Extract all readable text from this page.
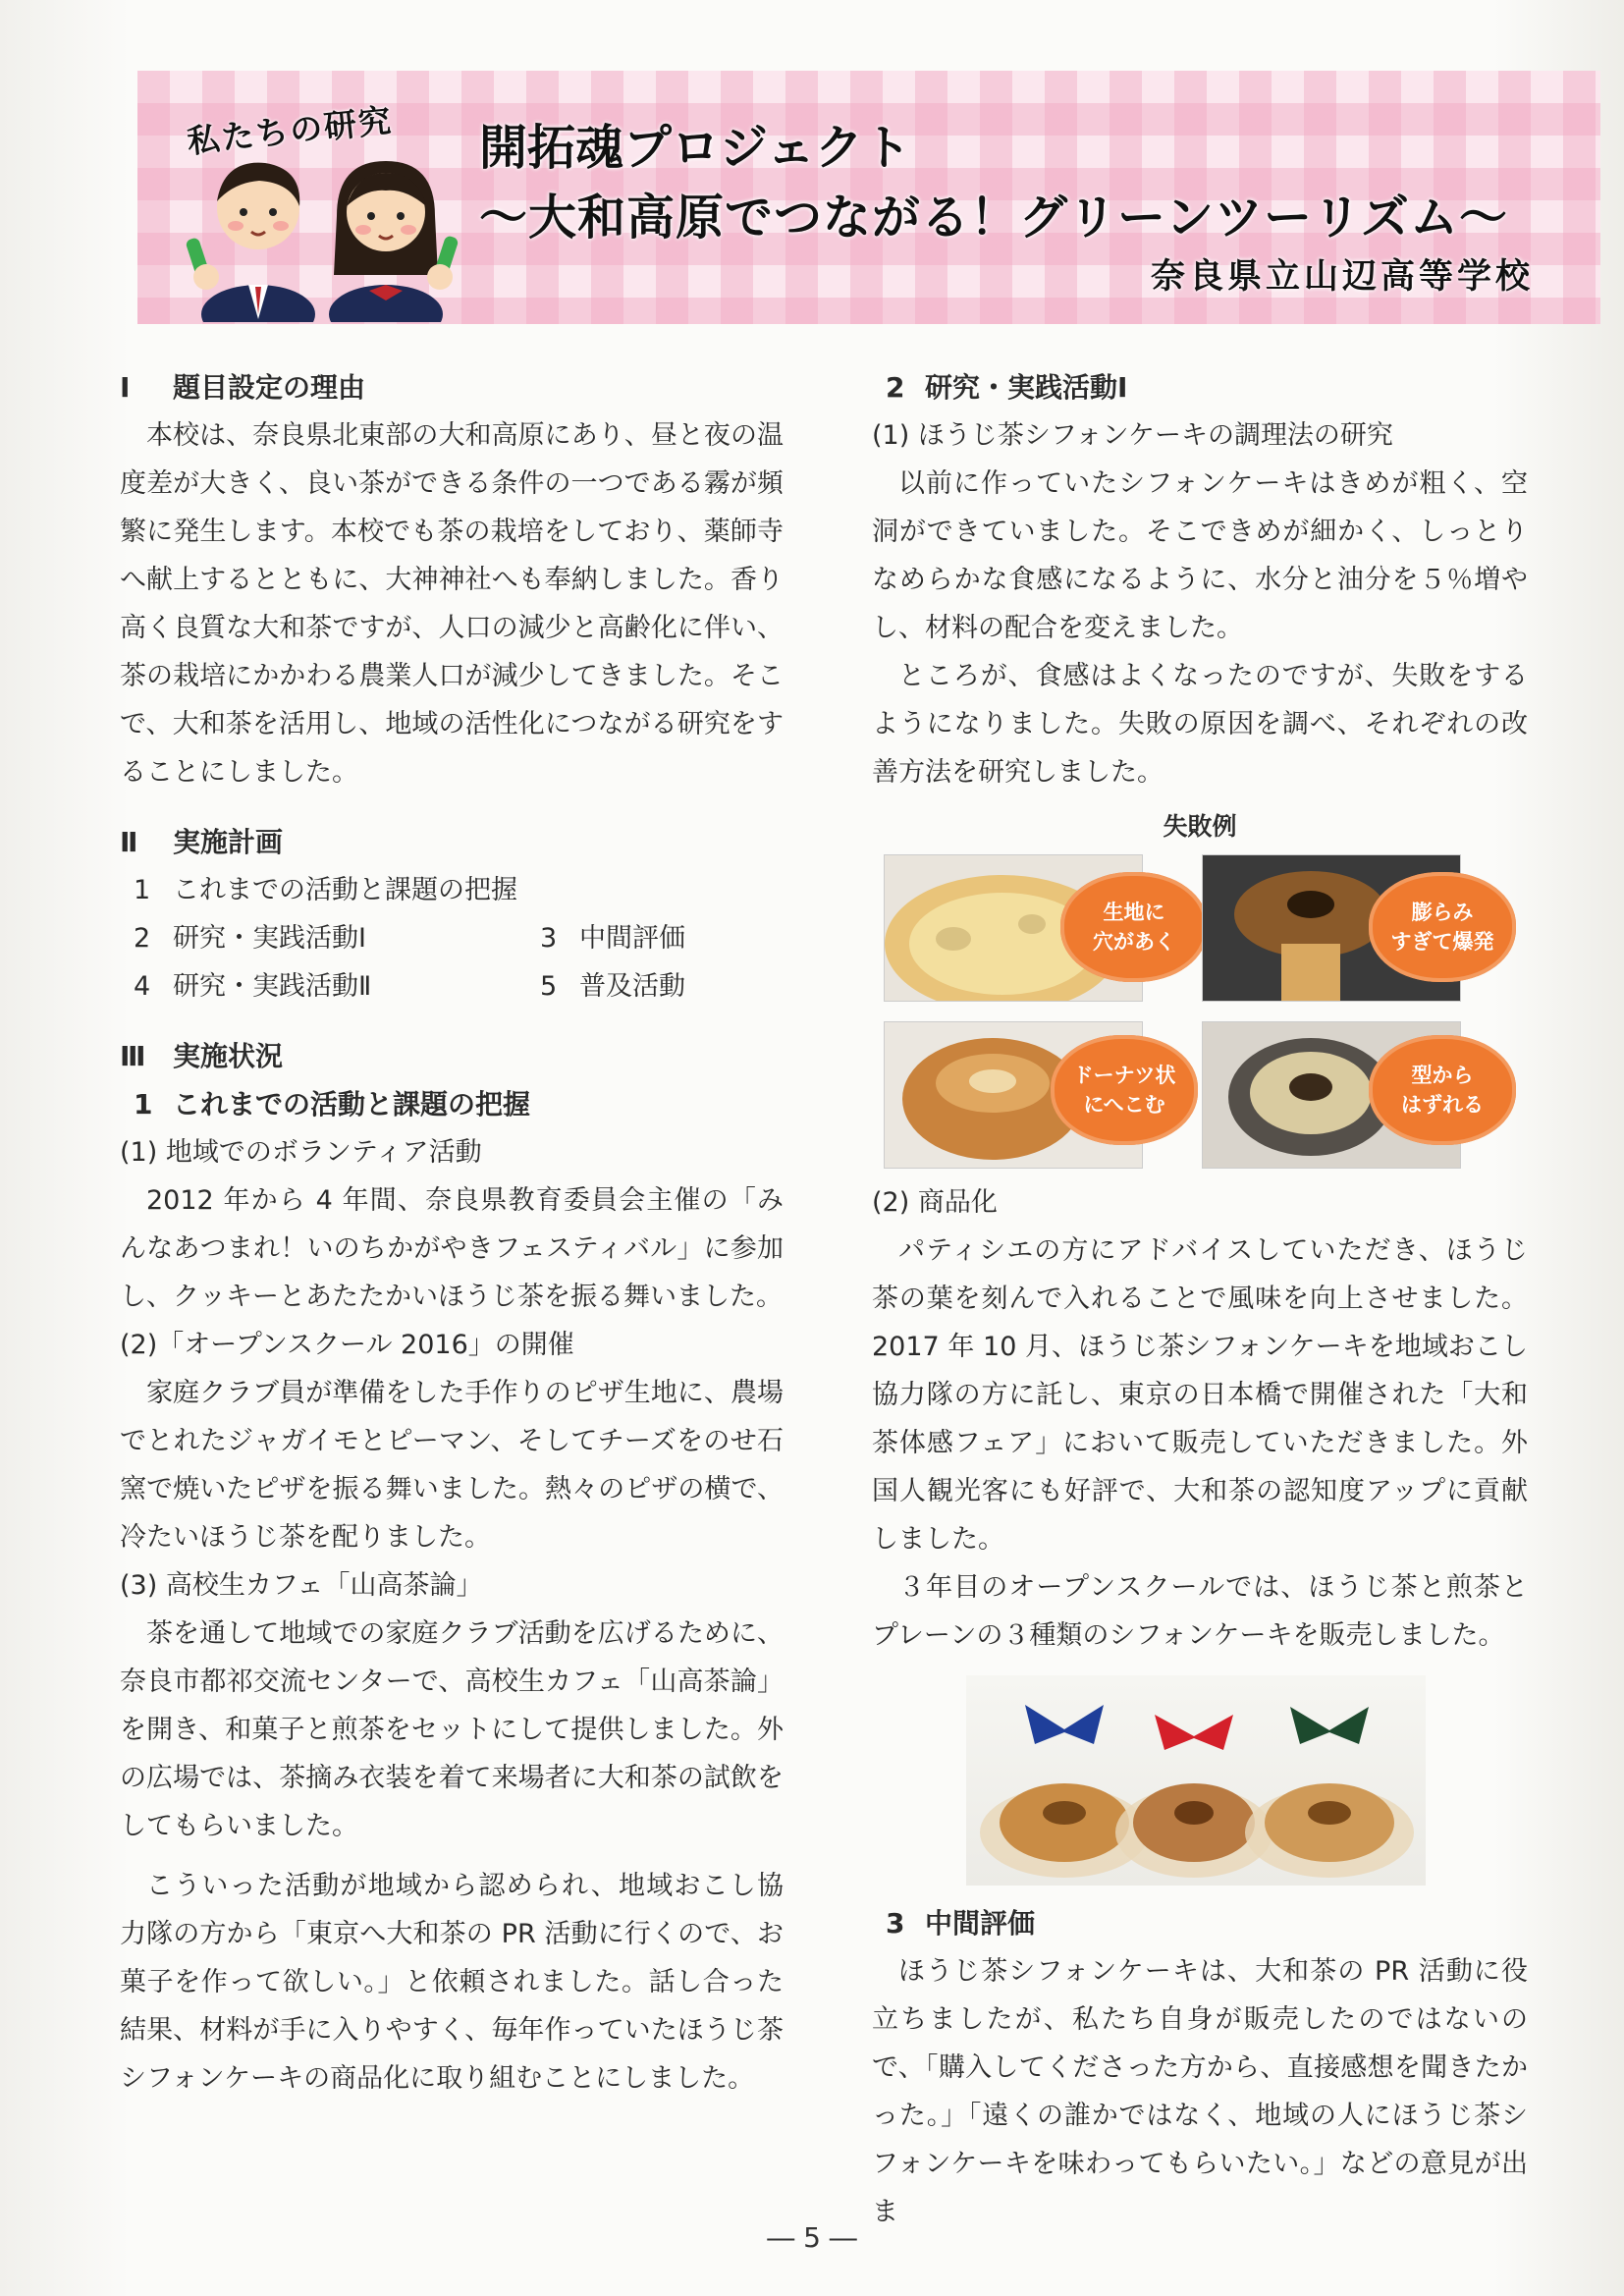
私たちの研究	開拓魂プロジェクト
～大和高原でつながる！グリーンツーリズム～
奈良県立山辺高等学校

Ⅰ 題目設定の理由

本校は、奈良県北東部の大和高原にあり、昼と夜の温度差が大きく、良い茶ができる条件の一つである霧が頻繁に発生します。本校でも茶の栽培をしており、薬師寺へ献上するとともに、大神神社へも奉納しました。香り高く良質な大和茶ですが、人口の減少と高齢化に伴い、茶の栽培にかかわる農業人口が減少してきました。そこで、大和茶を活用し、地域の活性化につながる研究をすることにしました。

Ⅱ 実施計画

1 これまでの活動と課題の把握
2 研究・実践活動Ⅰ	3 中間評価
4 研究・実践活動Ⅱ	5 普及活動

Ⅲ 実施状況

1 これまでの活動と課題の把握

(1) 地域でのボランティア活動

2012 年から 4 年間、奈良県教育委員会主催の「みんなあつまれ！いのちかがやきフェスティバル」に参加し、クッキーとあたたかいほうじ茶を振る舞いました。

(2)「オープンスクール 2016」の開催

家庭クラブ員が準備をした手作りのピザ生地に、農場でとれたジャガイモとピーマン、そしてチーズをのせ石窯で焼いたピザを振る舞いました。熱々のピザの横で、冷たいほうじ茶を配りました。

(3) 高校生カフェ「山高茶論」

茶を通して地域での家庭クラブ活動を広げるために、奈良市都祁交流センターで、高校生カフェ「山高茶論」を開き、和菓子と煎茶をセットにして提供しました。外の広場では、茶摘み衣装を着て来場者に大和茶の試飲をしてもらいました。

こういった活動が地域から認められ、地域おこし協力隊の方から「東京へ大和茶の PR 活動に行くので、お菓子を作って欲しい。」と依頼されました。話し合った結果、材料が手に入りやすく、毎年作っていたほうじ茶シフォンケーキの商品化に取り組むことにしました。

2 研究・実践活動Ⅰ

(1) ほうじ茶シフォンケーキの調理法の研究

以前に作っていたシフォンケーキはきめが粗く、空洞ができていました。そこできめが細かく、しっとりなめらかな食感になるように、水分と油分を５％増やし、材料の配合を変えました。

ところが、食感はよくなったのですが、失敗をするようになりました。失敗の原因を調べ、それぞれの改善方法を研究しました。

失敗例
生地に
穴があく
膨らみ
すぎて爆発
ドーナツ状
にへこむ
型から
はずれる

(2) 商品化

パティシエの方にアドバイスしていただき、ほうじ茶の葉を刻んで入れることで風味を向上させました。2017 年 10 月、ほうじ茶シフォンケーキを地域おこし協力隊の方に託し、東京の日本橋で開催された「大和茶体感フェア」において販売していただきました。外国人観光客にも好評で、大和茶の認知度アップに貢献しました。

３年目のオープンスクールでは、ほうじ茶と煎茶とプレーンの３種類のシフォンケーキを販売しました。

3 中間評価

ほうじ茶シフォンケーキは、大和茶の PR 活動に役立ちましたが、私たち自身が販売したのではないので、「購入してくださった方から、直接感想を聞きたかった。」「遠くの誰かではなく、地域の人にほうじ茶シフォンケーキを味わってもらいたい。」などの意見が出ま

― 5 ―
